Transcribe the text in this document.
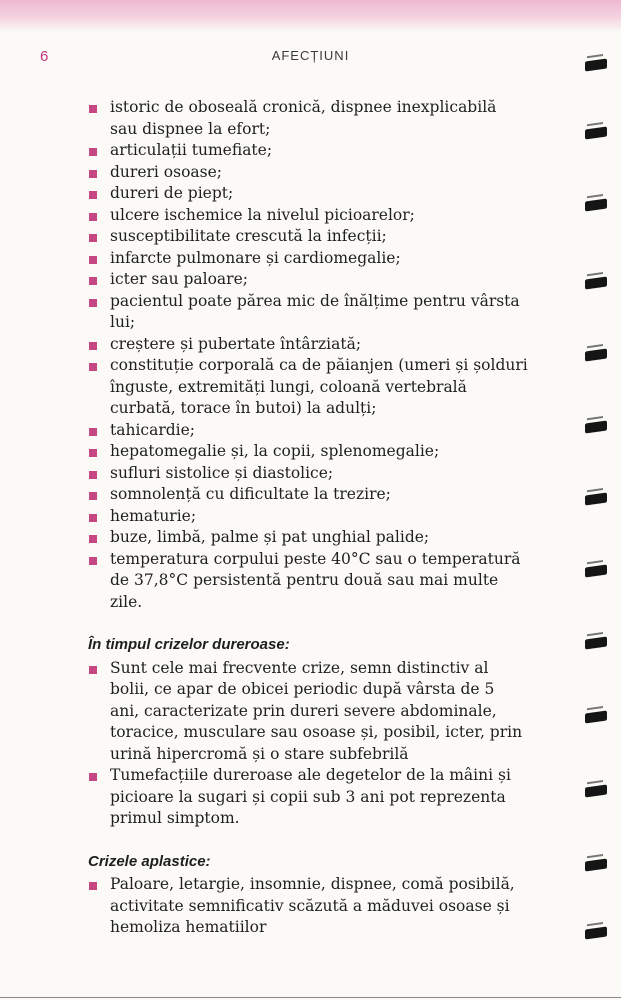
6	AFECȚIUNI
istoric de oboseală cronică, dispnee inexplicabilă sau dispnee la efort;
articulații tumefiate;
dureri osoase;
dureri de piept;
ulcere ischemice la nivelul picioarelor;
susceptibilitate crescută la infecții;
infarcte pulmonare și cardiomegalie;
icter sau paloare;
pacientul poate părea mic de înălțime pentru vârsta lui;
creștere și pubertate întârziată;
constituție corporală ca de păianjen (umeri și șolduri înguste, extremități lungi, coloană vertebrală curbată, torace în butoi) la adulți;
tahicardie;
hepatomegalie și, la copii, splenomegalie;
sufluri sistolice și diastolice;
somnolență cu dificultate la trezire;
hematurie;
buze, limbă, palme și pat unghial palide;
temperatura corpului peste 40°C sau o temperatură de 37,8°C persistentă pentru două sau mai multe zile.
În timpul crizelor dureroase:
Sunt cele mai frecvente crize, semn distinctiv al bolii, ce apar de obicei periodic după vârsta de 5 ani, caracterizate prin dureri severe abdominale, toracice, musculare sau osoase și, posibil, icter, prin urină hipercromă și o stare subfebrilă
Tumefacțiile dureroase ale degetelor de la mâini și picioare la sugari și copii sub 3 ani pot reprezenta primul simptom.
Crizele aplastice:
Paloare, letargie, insomnie, dispnee, comă posibilă, activitate semnificativ scăzută a măduvei osoase și hemoliza hematiilor
